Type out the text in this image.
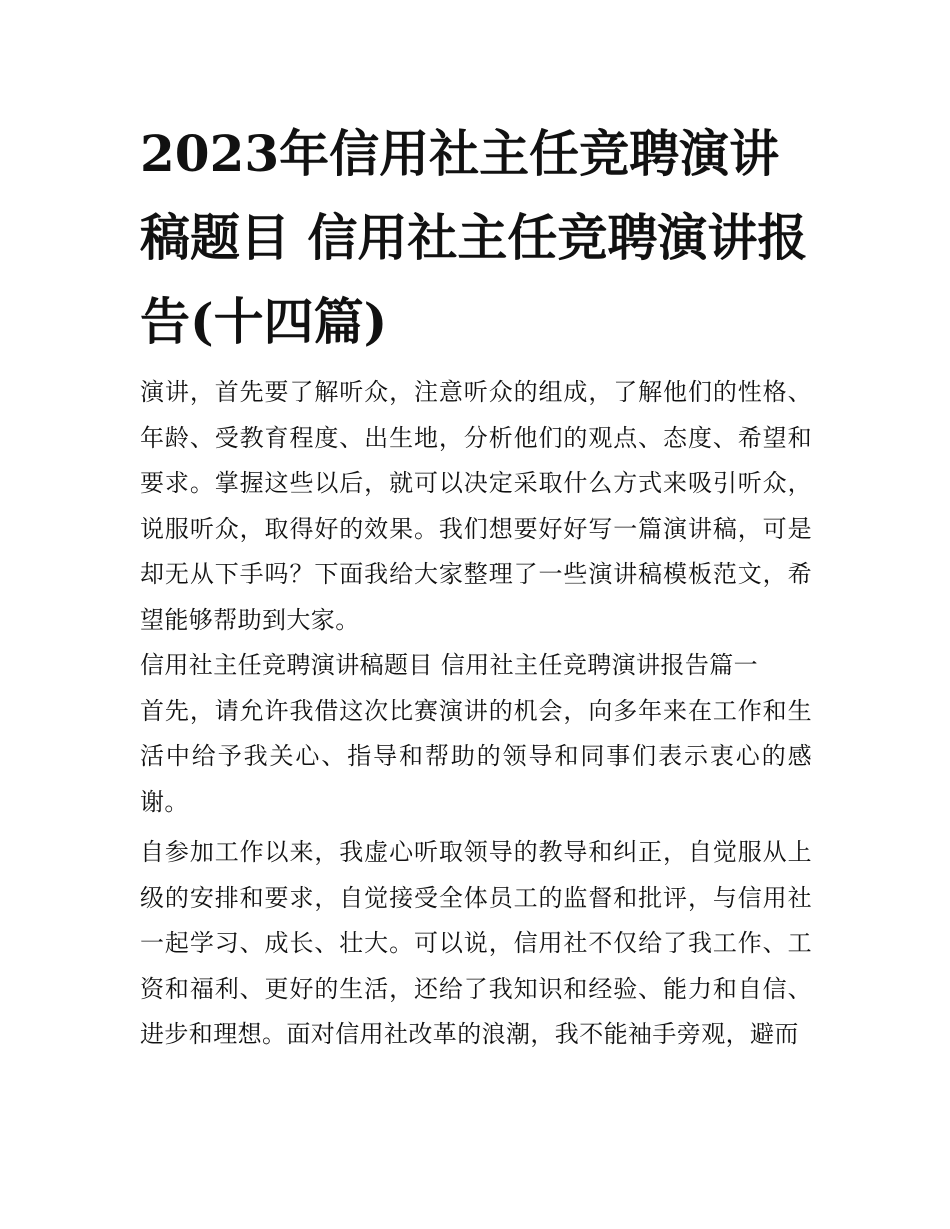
2023年信用社主任竞聘演讲稿题目 信用社主任竞聘演讲报告(十四篇)

演讲，首先要了解听众，注意听众的组成，了解他们的性格、年龄、受教育程度、出生地，分析他们的观点、态度、希望和要求。掌握这些以后，就可以决定采取什么方式来吸引听众，说服听众，取得好的效果。我们想要好好写一篇演讲稿，可是却无从下手吗？下面我给大家整理了一些演讲稿模板范文，希望能够帮助到大家。

信用社主任竞聘演讲稿题目 信用社主任竞聘演讲报告篇一

首先，请允许我借这次比赛演讲的机会，向多年来在工作和生活中给予我关心、指导和帮助的领导和同事们表示衷心的感谢。

自参加工作以来，我虚心听取领导的教导和纠正，自觉服从上级的安排和要求，自觉接受全体员工的监督和批评，与信用社一起学习、成长、壮大。可以说，信用社不仅给了我工作、工资和福利、更好的生活，还给了我知识和经验、能力和自信、进步和理想。面对信用社改革的浪潮，我不能袖手旁观，避而
